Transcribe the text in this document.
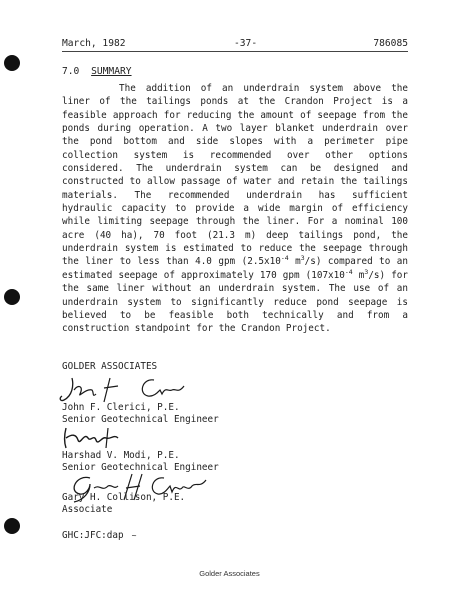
March, 1982	-37-	786085
7.0 SUMMARY

The addition of an underdrain system above the liner of the tailings ponds at the Crandon Project is a feasible approach for reducing the amount of seepage from the ponds during operation. A two layer blanket underdrain over the pond bottom and side slopes with a perimeter pipe collection system is recommended over other options considered. The underdrain system can be designed and constructed to allow passage of water and retain the tailings materials. The recommended underdrain has sufficient hydraulic capacity to provide a wide margin of efficiency while limiting seepage through the liner. For a nominal 100 acre (40 ha), 70 foot (21.3 m) deep tailings pond, the underdrain system is estimated to reduce the seepage through the liner to less than 4.0 gpm ($2.5x10^{-4}$ $m^3/s$) compared to an estimated seepage of approximately 170 gpm ($107x10^{-4}$ $m^3/s$) for the same liner without an underdrain system. The use of an underdrain system to significantly reduce pond seepage is believed to be feasible both technically and from a construction standpoint for the Crandon Project.

GOLDER ASSOCIATES
John F. Clerici, P.E.
Senior Geotechnical Engineer
Harshad V. Modi, P.E.
Senior Geotechnical Engineer
Gary H. Collison, P.E.
Associate
GHC:JFC:dap ~
Golder Associates
